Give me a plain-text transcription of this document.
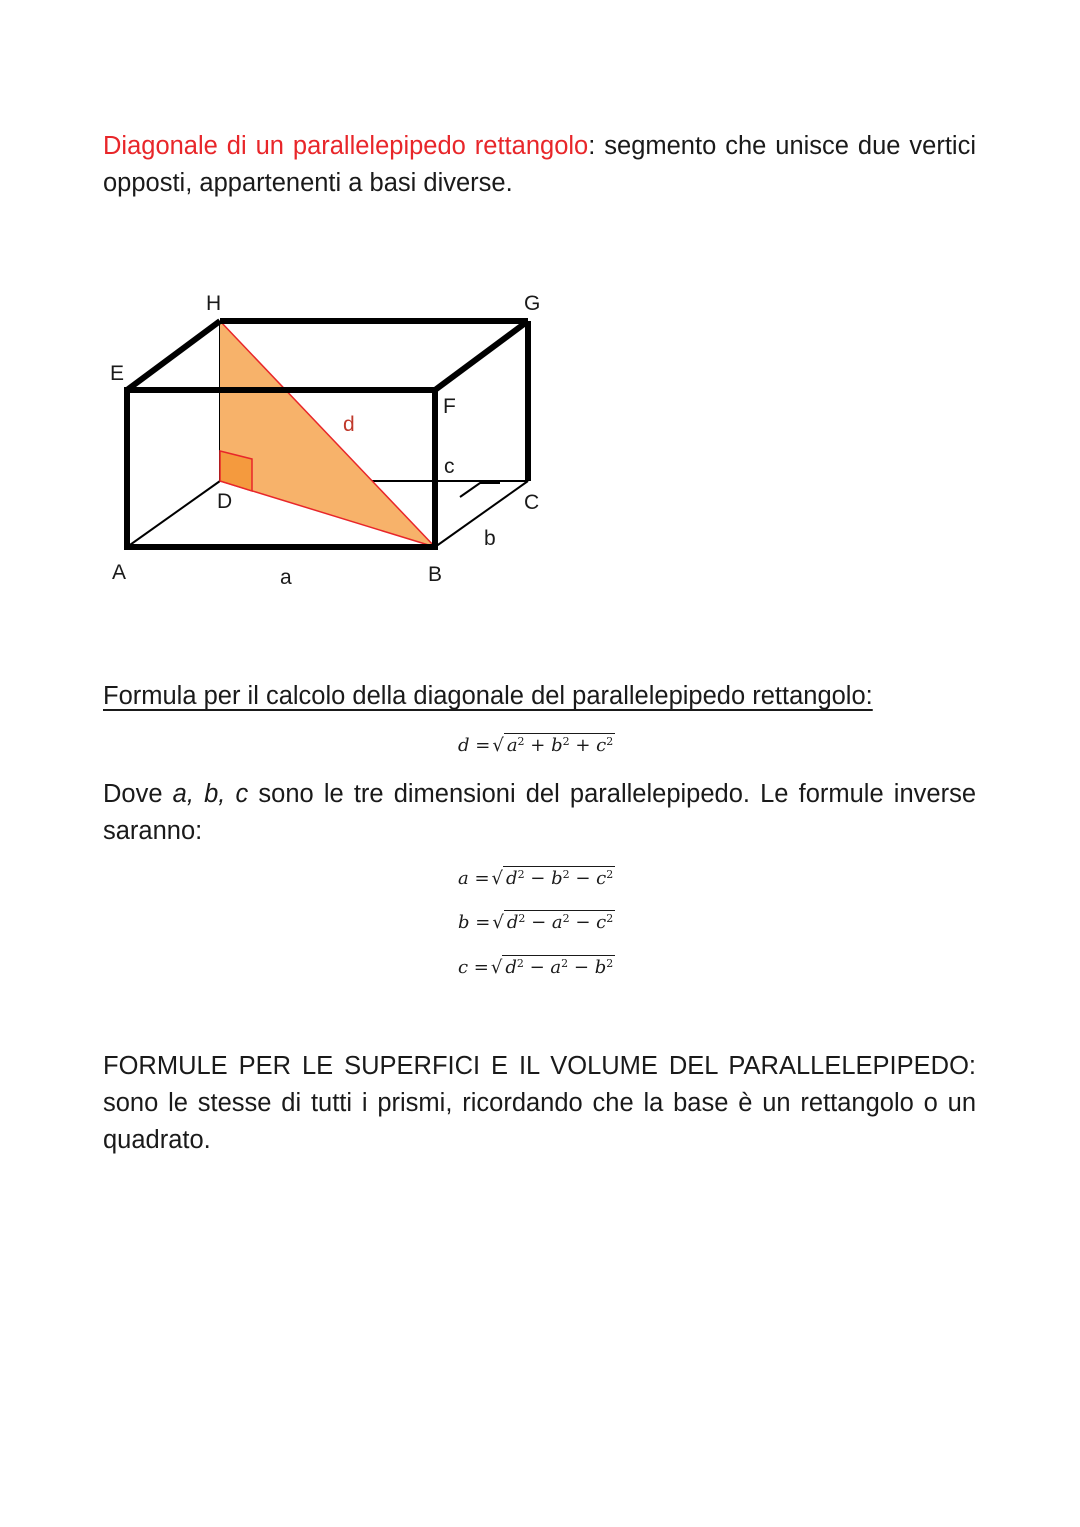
Diagonale di un parallelepipedo rettangolo: segmento che unisce due vertici opposti, appartenenti a basi diverse.

H	G
E
F
d
c
D	C
b
A	a	B

Formula per il calcolo della diagonale del parallelepipedo rettangolo:

d =√ $a^2 + b^2 + c^2$

Dove a, b, c sono le tre dimensioni del parallelepipedo. Le formule inverse saranno:

a =√ $d^2 - b^2 - c^2$
b =√ $d^2 - a^2 - c^2$
c =√ $d^2 - a^2 - b^2$

FORMULE PER LE SUPERFICI E IL VOLUME DEL PARALLELEPIPEDO: sono le stesse di tutti i prismi, ricordando che la base è un rettangolo o un quadrato.
